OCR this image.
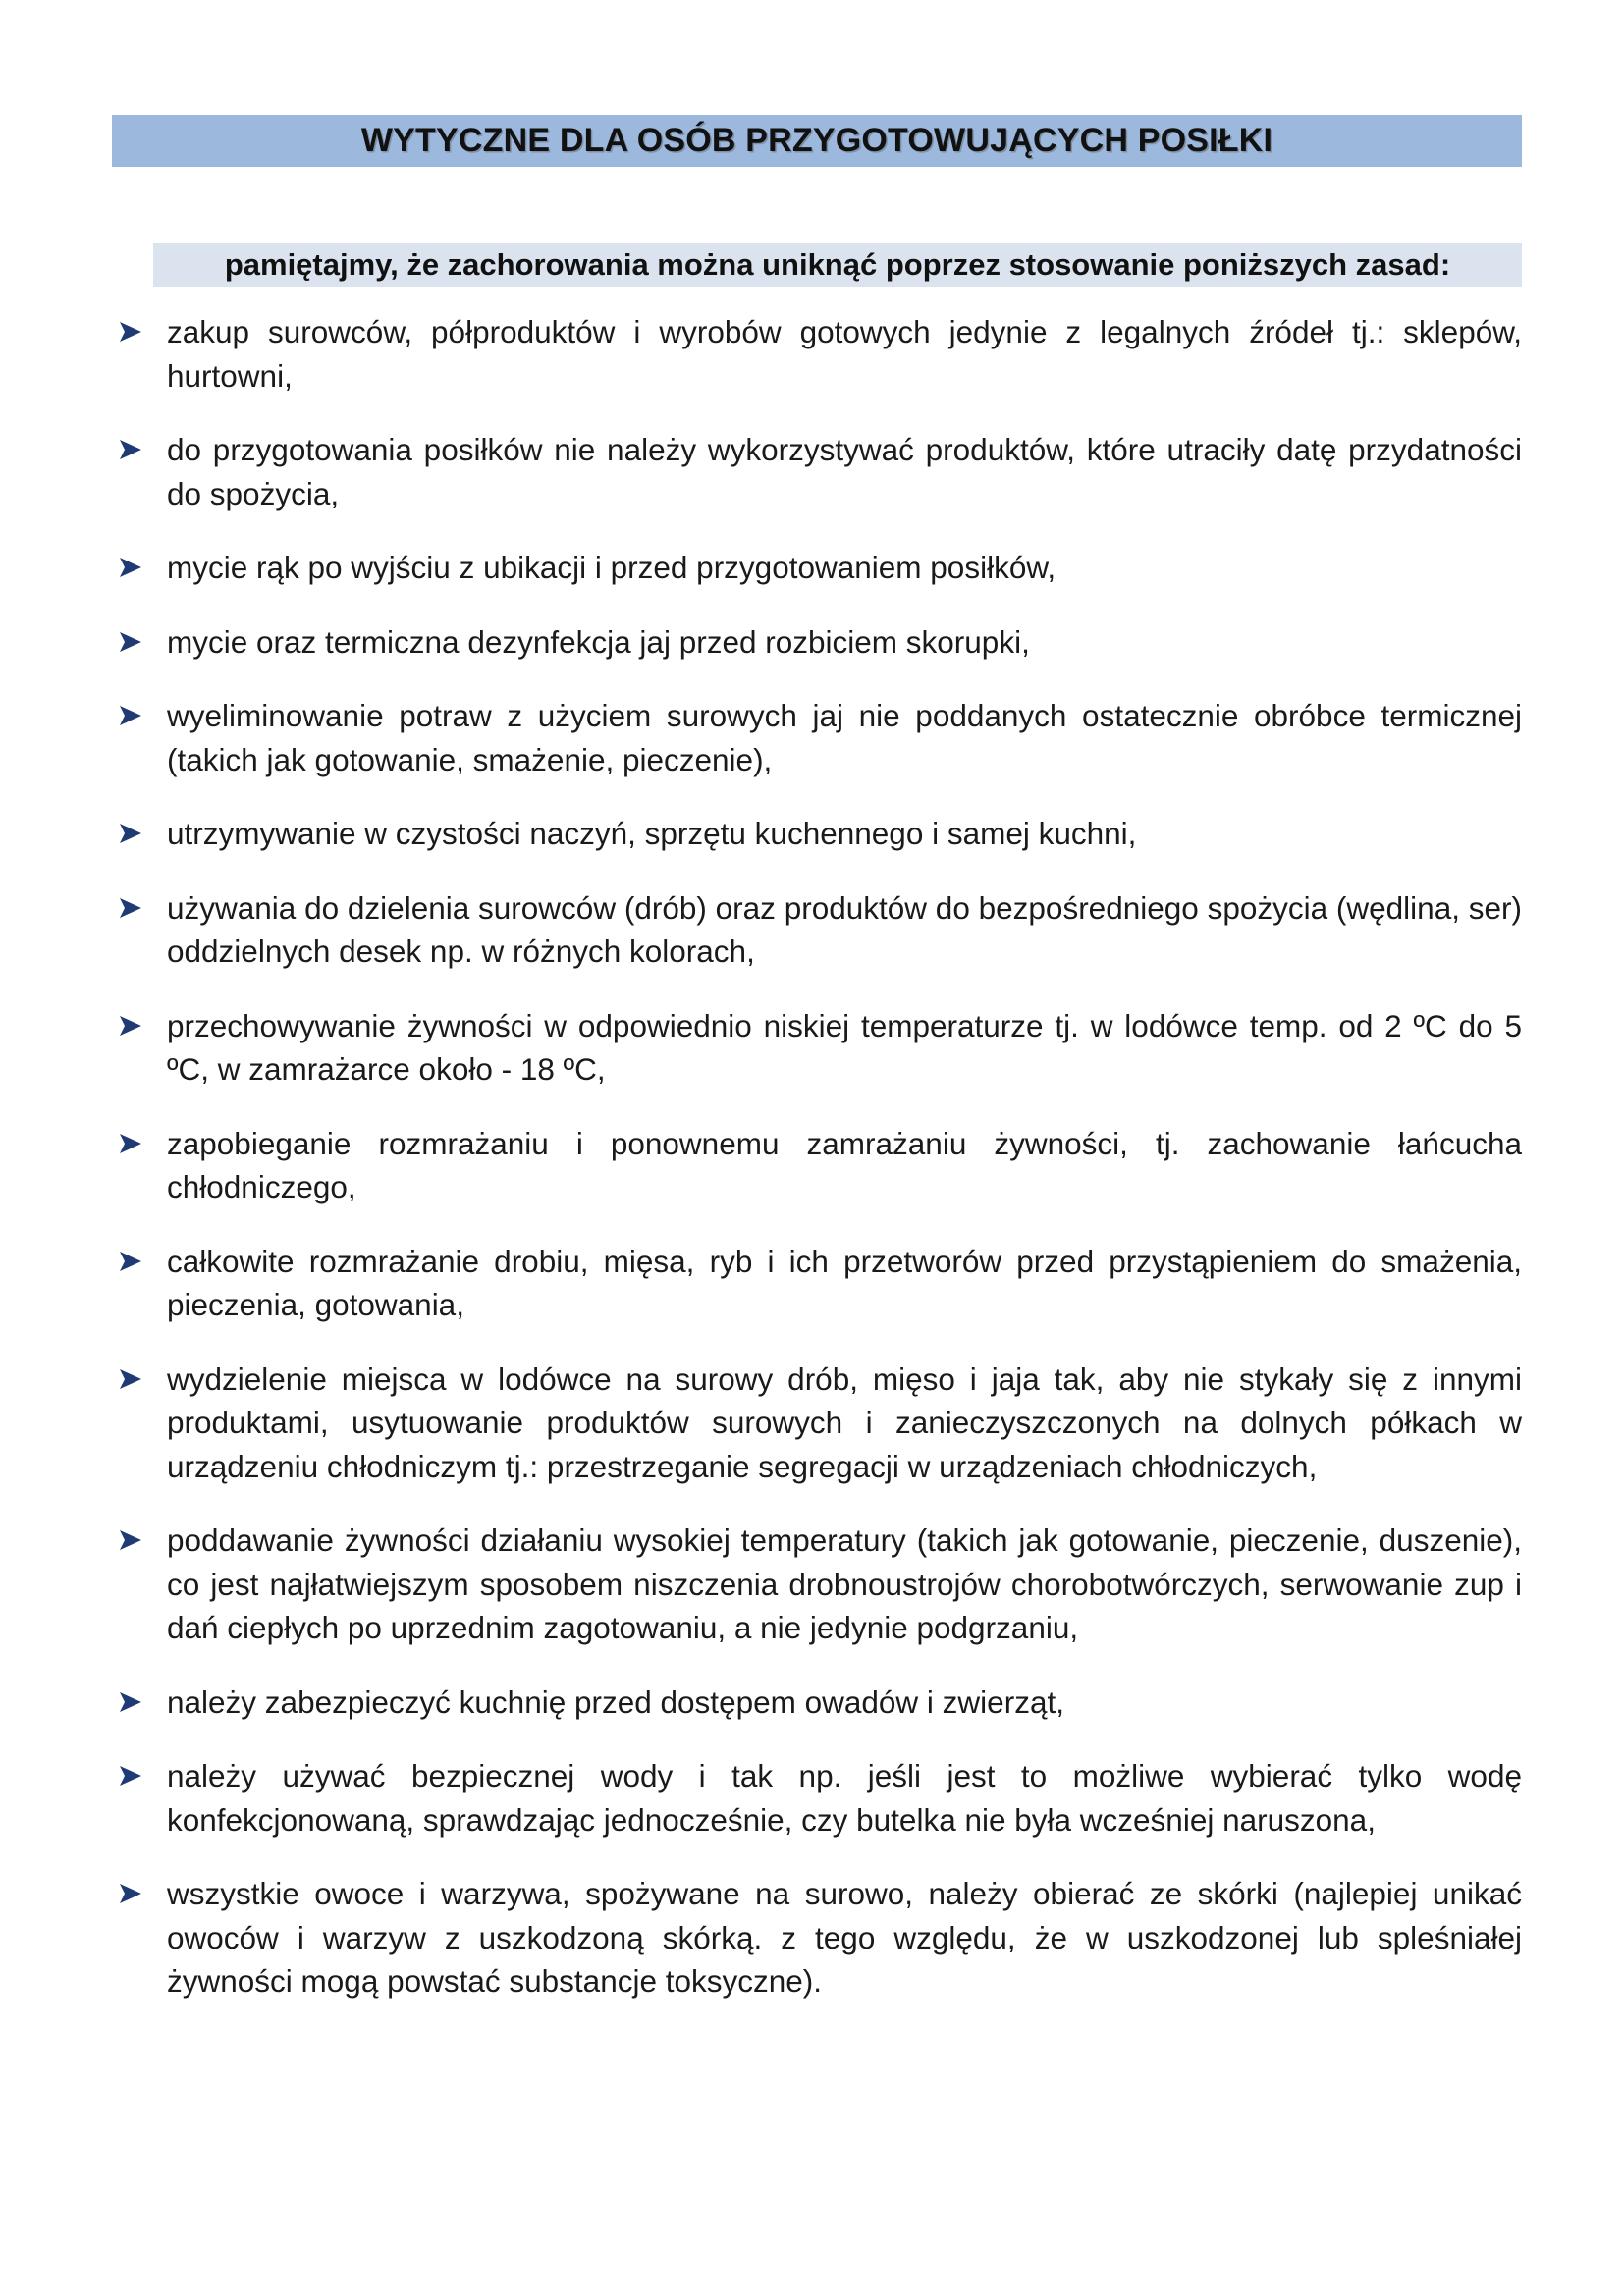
WYTYCZNE DLA OSÓB PRZYGOTOWUJĄCYCH POSIŁKI
pamiętajmy, że zachorowania można uniknąć poprzez stosowanie poniższych zasad:
zakup surowców, półproduktów i wyrobów gotowych jedynie z legalnych źródeł tj.: sklepów, hurtowni,
do przygotowania posiłków nie należy wykorzystywać produktów, które utraciły datę przydatności do spożycia,
mycie rąk po wyjściu z ubikacji i przed przygotowaniem posiłków,
mycie oraz termiczna dezynfekcja jaj przed rozbiciem skorupki,
wyeliminowanie potraw z użyciem surowych jaj nie poddanych ostatecznie obróbce termicznej (takich jak gotowanie, smażenie, pieczenie),
utrzymywanie w czystości naczyń, sprzętu kuchennego i samej kuchni,
używania do dzielenia surowców (drób) oraz produktów do bezpośredniego spożycia (wędlina, ser) oddzielnych desek np. w różnych kolorach,
przechowywanie żywności w odpowiednio niskiej temperaturze tj. w lodówce temp. od 2 ºC do 5 ºC, w zamrażarce około - 18 ºC,
zapobieganie rozmrażaniu i ponownemu zamrażaniu żywności, tj. zachowanie łańcucha chłodniczego,
całkowite rozmrażanie drobiu, mięsa, ryb i ich przetworów przed przystąpieniem do smażenia, pieczenia, gotowania,
wydzielenie miejsca w lodówce na surowy drób, mięso i jaja tak, aby nie stykały się z innymi produktami, usytuowanie produktów surowych i zanieczyszczonych na dolnych półkach w urządzeniu chłodniczym tj.: przestrzeganie segregacji w urządzeniach chłodniczych,
poddawanie żywności działaniu wysokiej temperatury (takich jak gotowanie, pieczenie, duszenie), co jest najłatwiejszym sposobem niszczenia drobnoustrojów chorobotwórczych, serwowanie zup i dań ciepłych po uprzednim zagotowaniu, a nie jedynie podgrzaniu,
należy zabezpieczyć kuchnię przed dostępem owadów i zwierząt,
należy używać bezpiecznej wody i tak np. jeśli jest to możliwe wybierać tylko wodę konfekcjonowaną, sprawdzając jednocześnie, czy butelka nie była wcześniej naruszona,
wszystkie owoce i warzywa, spożywane na surowo, należy obierać ze skórki (najlepiej unikać owoców i warzyw z uszkodzoną skórką. z tego względu, że w uszkodzonej lub spleśniałej żywności mogą powstać substancje toksyczne).
